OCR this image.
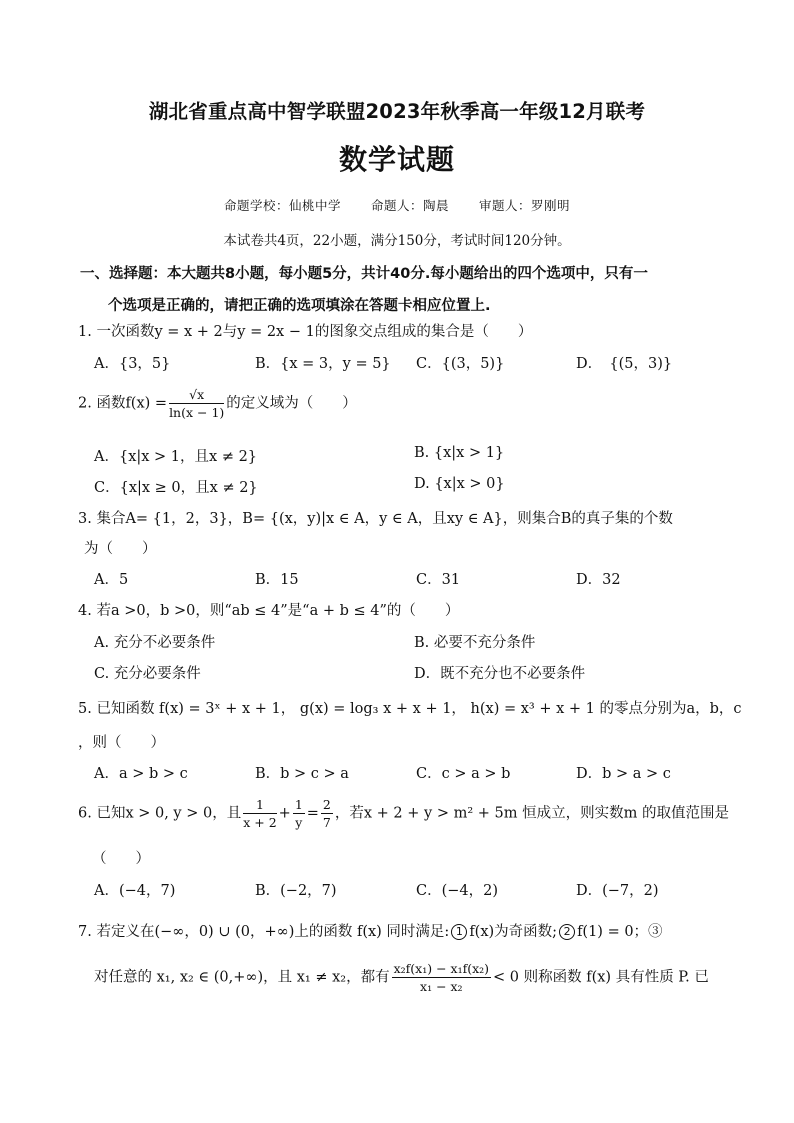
湖北省重点高中智学联盟2023年秋季高一年级12月联考
数学试题
命题学校：仙桃中学 命题人：陶晨 审题人：罗刚明
本试卷共4页，22小题，满分150分，考试时间120分钟。
一、选择题：本大题共8小题，每小题5分，共计40分.每小题给出的四个选项中，只有一
个选项是正确的，请把正确的选项填涂在答题卡相应位置上.
1. 一次函数y = x + 2与y = 2x − 1的图象交点组成的集合是（　　）
A．{3，5}	B．{x = 3，y = 5} C．{(3，5)}	D．　{(5，3)}
2. 函数$f(x) = \frac{√x}{\ln(x - 1)}$ 的定义域为（　　）
A．{x|x > 1，且x ≠ 2}	B. {x|x > 1}
C．{x|x ≥ 0，且x ≠ 2}	D. {x|x > 0}
3. 集合A= {1，2，3}，B= {(x，y)|x ∈ A，y ∈ A，且xy ∈ A}，则集合B的真子集的个数
为（　　）
A．5	B．15	C．31	D．32
4. 若a >0，b >0，则“ab ≤ 4”是“a + b ≤ 4”的（　　）
A. 充分不必要条件	B. 必要不充分条件
C. 充分必要条件	D．既不充分也不必要条件
5. 已知函数 f(x) = 3ˣ + x + 1， g(x) = log₃ x + x + 1， h(x) = x³ + x + 1 的零点分别为a，b，c
，则（　　）
A．a > b > c	B．b > c > a	C．c > a > b	D．b > a > c
6. 已知x > 0, y > 0，且 $\frac{1}{x + 2} + \frac{1}{y} = \frac{2}{7}$ ，若x + 2 + y > m² + 5m 恒成立，则实数m 的取值范围是
（　　）
A．(−4，7)	B．(−2，7)	C．(−4，2)	D．(−7，2)
7. 若定义在(−∞，0) ∪ (0，+∞)上的函数 f(x) 同时满足: 1 f(x)为奇函数; 2 f(1) = 0；③
对任意的 x₁, x₂ ∈ (0,+∞)，且 x₁ ≠ x₂，都有 $\frac{\text{x₂f(x₁) − x₁f(x₂)}}{\text{x₁ − x₂}} < 0$ 则称函数 f(x) 具有性质 P. 已
